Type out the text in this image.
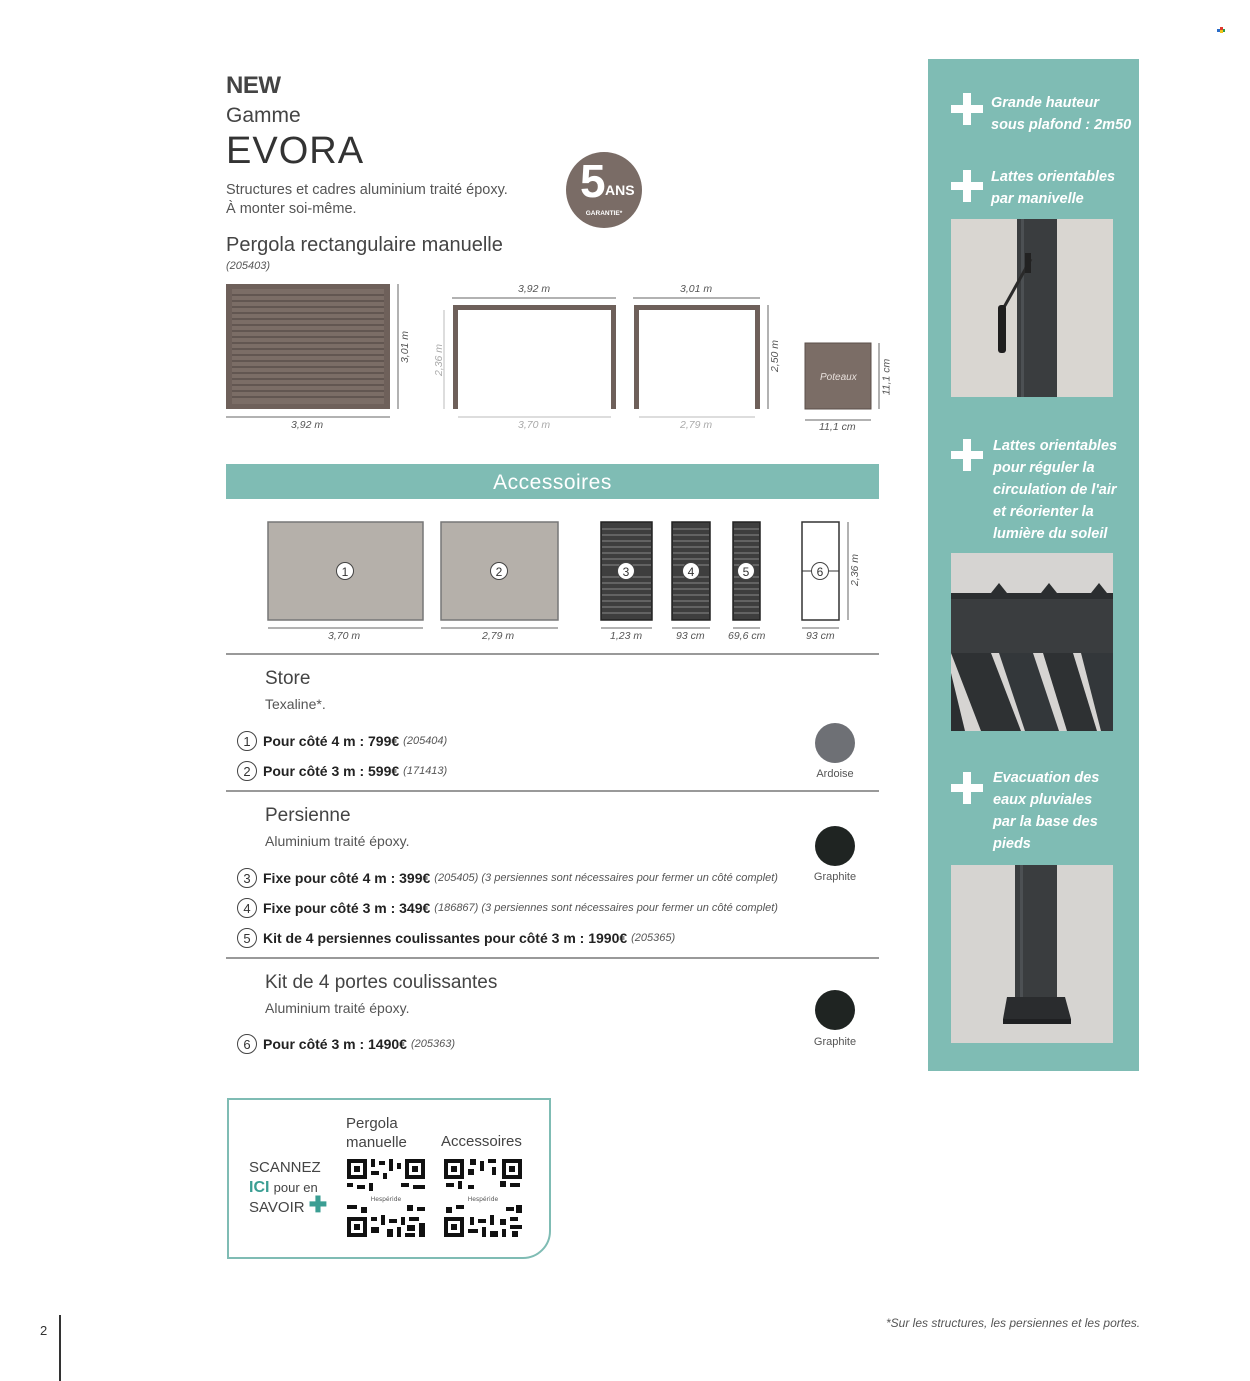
NEW
Gamme
EVORA
Structures et cadres aluminium traité époxy.
À monter soi-même.
5 ANS
GARANTIE*
Pergola rectangulaire manuelle
(205403)
3,92 m
3,01 m
3,92 m
3,70 m
2,36 m
3,01 m
2,79 m
2,50 m
Poteaux
11,1 cm
11,1 cm
Accessoires
1	2	3	4	5	6
3,70 m	2,79 m	1,23 m	93 cm 69,6 cm	93 cm
2,36 m
Store
Texaline*.
1 Pour côté 4 m : 799€ (205404)
2 Pour côté 3 m : 599€ (171413)	Ardoise
Persienne
Aluminium traité époxy.
3 Fixe pour côté 4 m : 399€ (205405) (3 persiennes sont nécessaires pour fermer un côté complet)
4 Fixe pour côté 3 m : 349€ (186867) (3 persiennes sont nécessaires pour fermer un côté complet)
5 Kit de 4 persiennes coulissantes pour côté 3 m : 1990€ (205365)
Graphite
Kit de 4 portes coulissantes
Aluminium traité époxy.
6 Pour côté 3 m : 1490€ (205363)	Graphite
Grande hauteur
sous plafond : 2m50
Lattes orientables
par manivelle
Lattes orientables
pour réguler la
circulation de l'air
et réorienter la
lumière du soleil
Evacuation des
eaux pluviales
par la base des
pieds
SCANNEZ
ICI pour en
SAVOIR ✚
Pergola
manuelle Accessoires
Hespéride	Hespéride
*Sur les structures, les persiennes et les portes.
2
